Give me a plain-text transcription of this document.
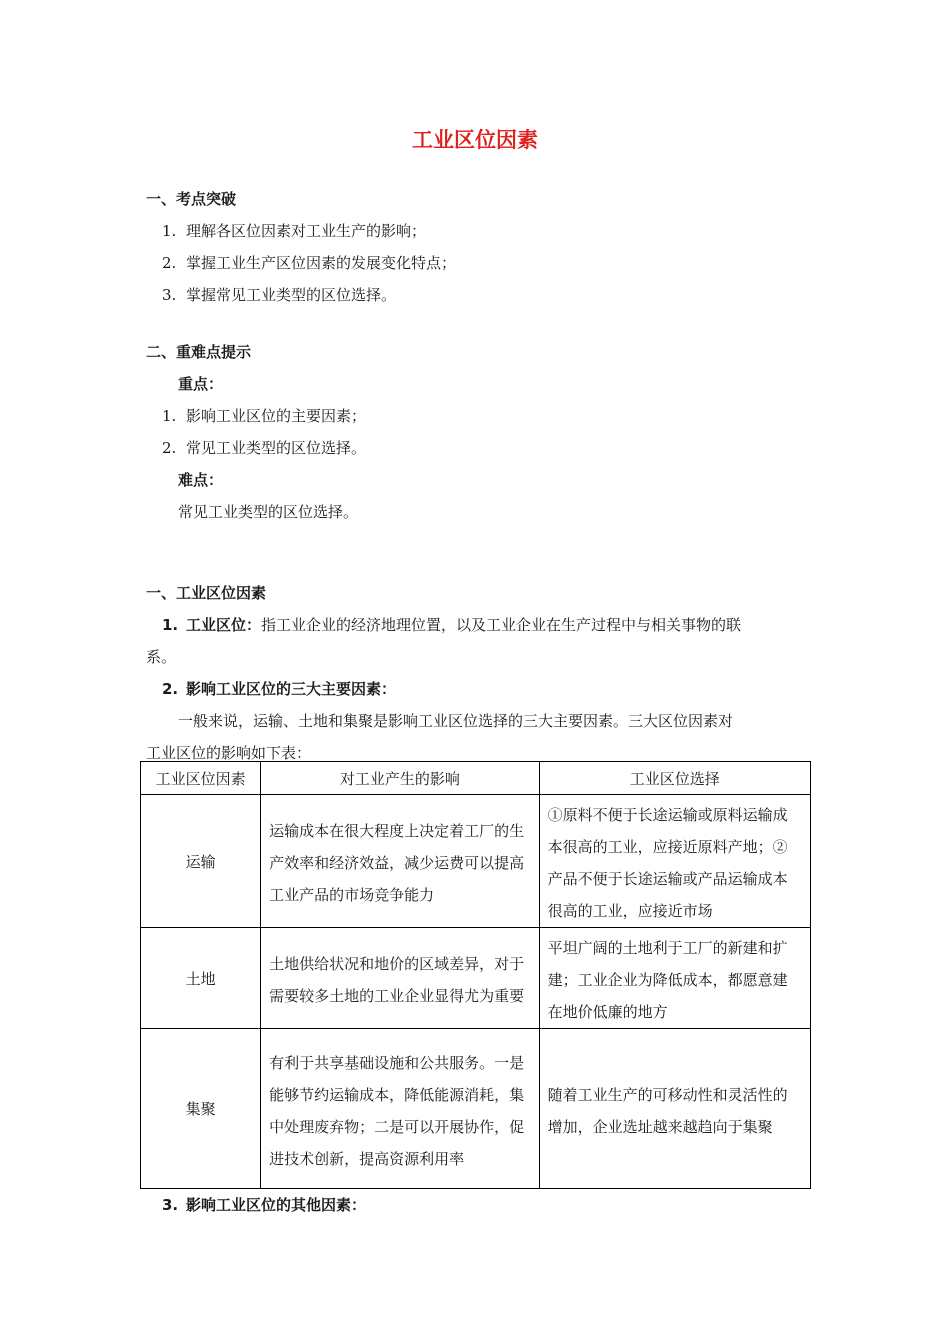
工业区位因素
一、考点突破
1. 理解各区位因素对工业生产的影响；
2. 掌握工业生产区位因素的发展变化特点；
3. 掌握常见工业类型的区位选择。
二、重难点提示
重点：
1. 影响工业区位的主要因素；
2. 常见工业类型的区位选择。
难点：
常见工业类型的区位选择。
一、工业区位因素
1. 工业区位：指工业企业的经济地理位置，以及工业企业在生产过程中与相关事物的联
系。
2. 影响工业区位的三大主要因素：
一般来说，运输、土地和集聚是影响工业区位选择的三大主要因素。三大区位因素对
工业区位的影响如下表：
工业区位因素	对工业产生的影响	工业区位选择
运输	运输成本在很大程度上决定着工厂的生产效率和经济效益，减少运费可以提高工业产品的市场竞争能力	①原料不便于长途运输或原料运输成本很高的工业，应接近原料产地；②产品不便于长途运输或产品运输成本很高的工业，应接近市场

土地	土地供给状况和地价的区域差异，对于需要较多土地的工业企业显得尤为重要	平坦广阔的土地利于工厂的新建和扩建；工业企业为降低成本，都愿意建在地价低廉的地方

集聚	有利于共享基础设施和公共服务。一是能够节约运输成本，降低能源消耗，集中处理废弃物；二是可以开展协作，促进技术创新，提高资源利用率	随着工业生产的可移动性和灵活性的增加，企业选址越来越趋向于集聚
3. 影响工业区位的其他因素：
